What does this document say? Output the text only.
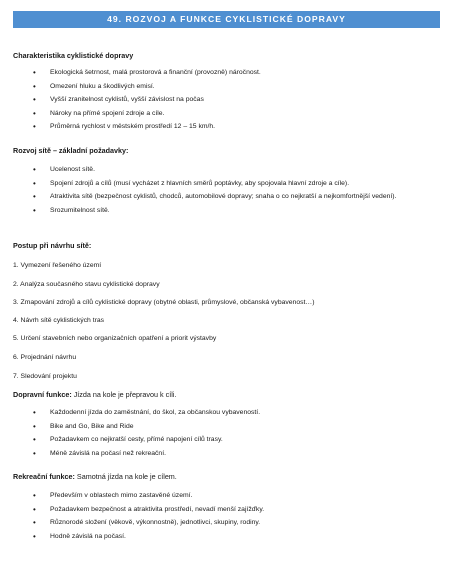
49. ROZVOJ A FUNKCE CYKLISTICKÉ DOPRAVY
Charakteristika cyklistické dopravy
• Ekologická šetrnost, malá prostorová a finanční (provozně) náročnost.
• Omezení hluku a škodlivých emisí.
• Vyšší zranitelnost cyklistů, vyšší závislost na počas
• Nároky na přímé spojení zdroje a cíle.
• Průměrná rychlost v městském prostředí 12 – 15 km/h.
Rozvoj sítě – základní požadavky:
• Ucelenost sítě.
• Spojení zdrojů a cílů (musí vycházet z hlavních směrů poptávky, aby spojovala hlavní zdroje a cíle).
• Atraktivita sítě (bezpečnost cyklistů, chodců, automobilové dopravy; snaha o co nejkratší a nejkomfortnější vedení).
• Srozumitelnost sítě.
Postup při návrhu sítě:
1. Vymezení řešeného území
2. Analýza současného stavu cyklistické dopravy
3. Zmapování zdrojů a cílů cyklistické dopravy (obytné oblasti, průmyslové, občanská vybavenost…)
4. Návrh sítě cyklistických tras
5. Určení stavebních nebo organizačních opatření a priorit výstavby
6. Projednání návrhu
7. Sledování projektu
Dopravní funkce: Jízda na kole je přepravou k cíli.
• Každodenní jízda do zaměstnání, do škol, za občanskou vybaveností.
• Bike and Go, Bike and Ride
• Požadavkem co nejkratší cesty, přímé napojení cílů trasy.
• Méně závislá na počasí než rekreační.
Rekreační funkce: Samotná jízda na kole je cílem.
• Především v oblastech mimo zastavěné území.
• Požadavkem bezpečnost a atraktivita prostředí, nevadí menší zajížďky.
• Různorodé složení (věkově, výkonnostně), jednotlivci, skupiny, rodiny.
• Hodně závislá na počasí.
